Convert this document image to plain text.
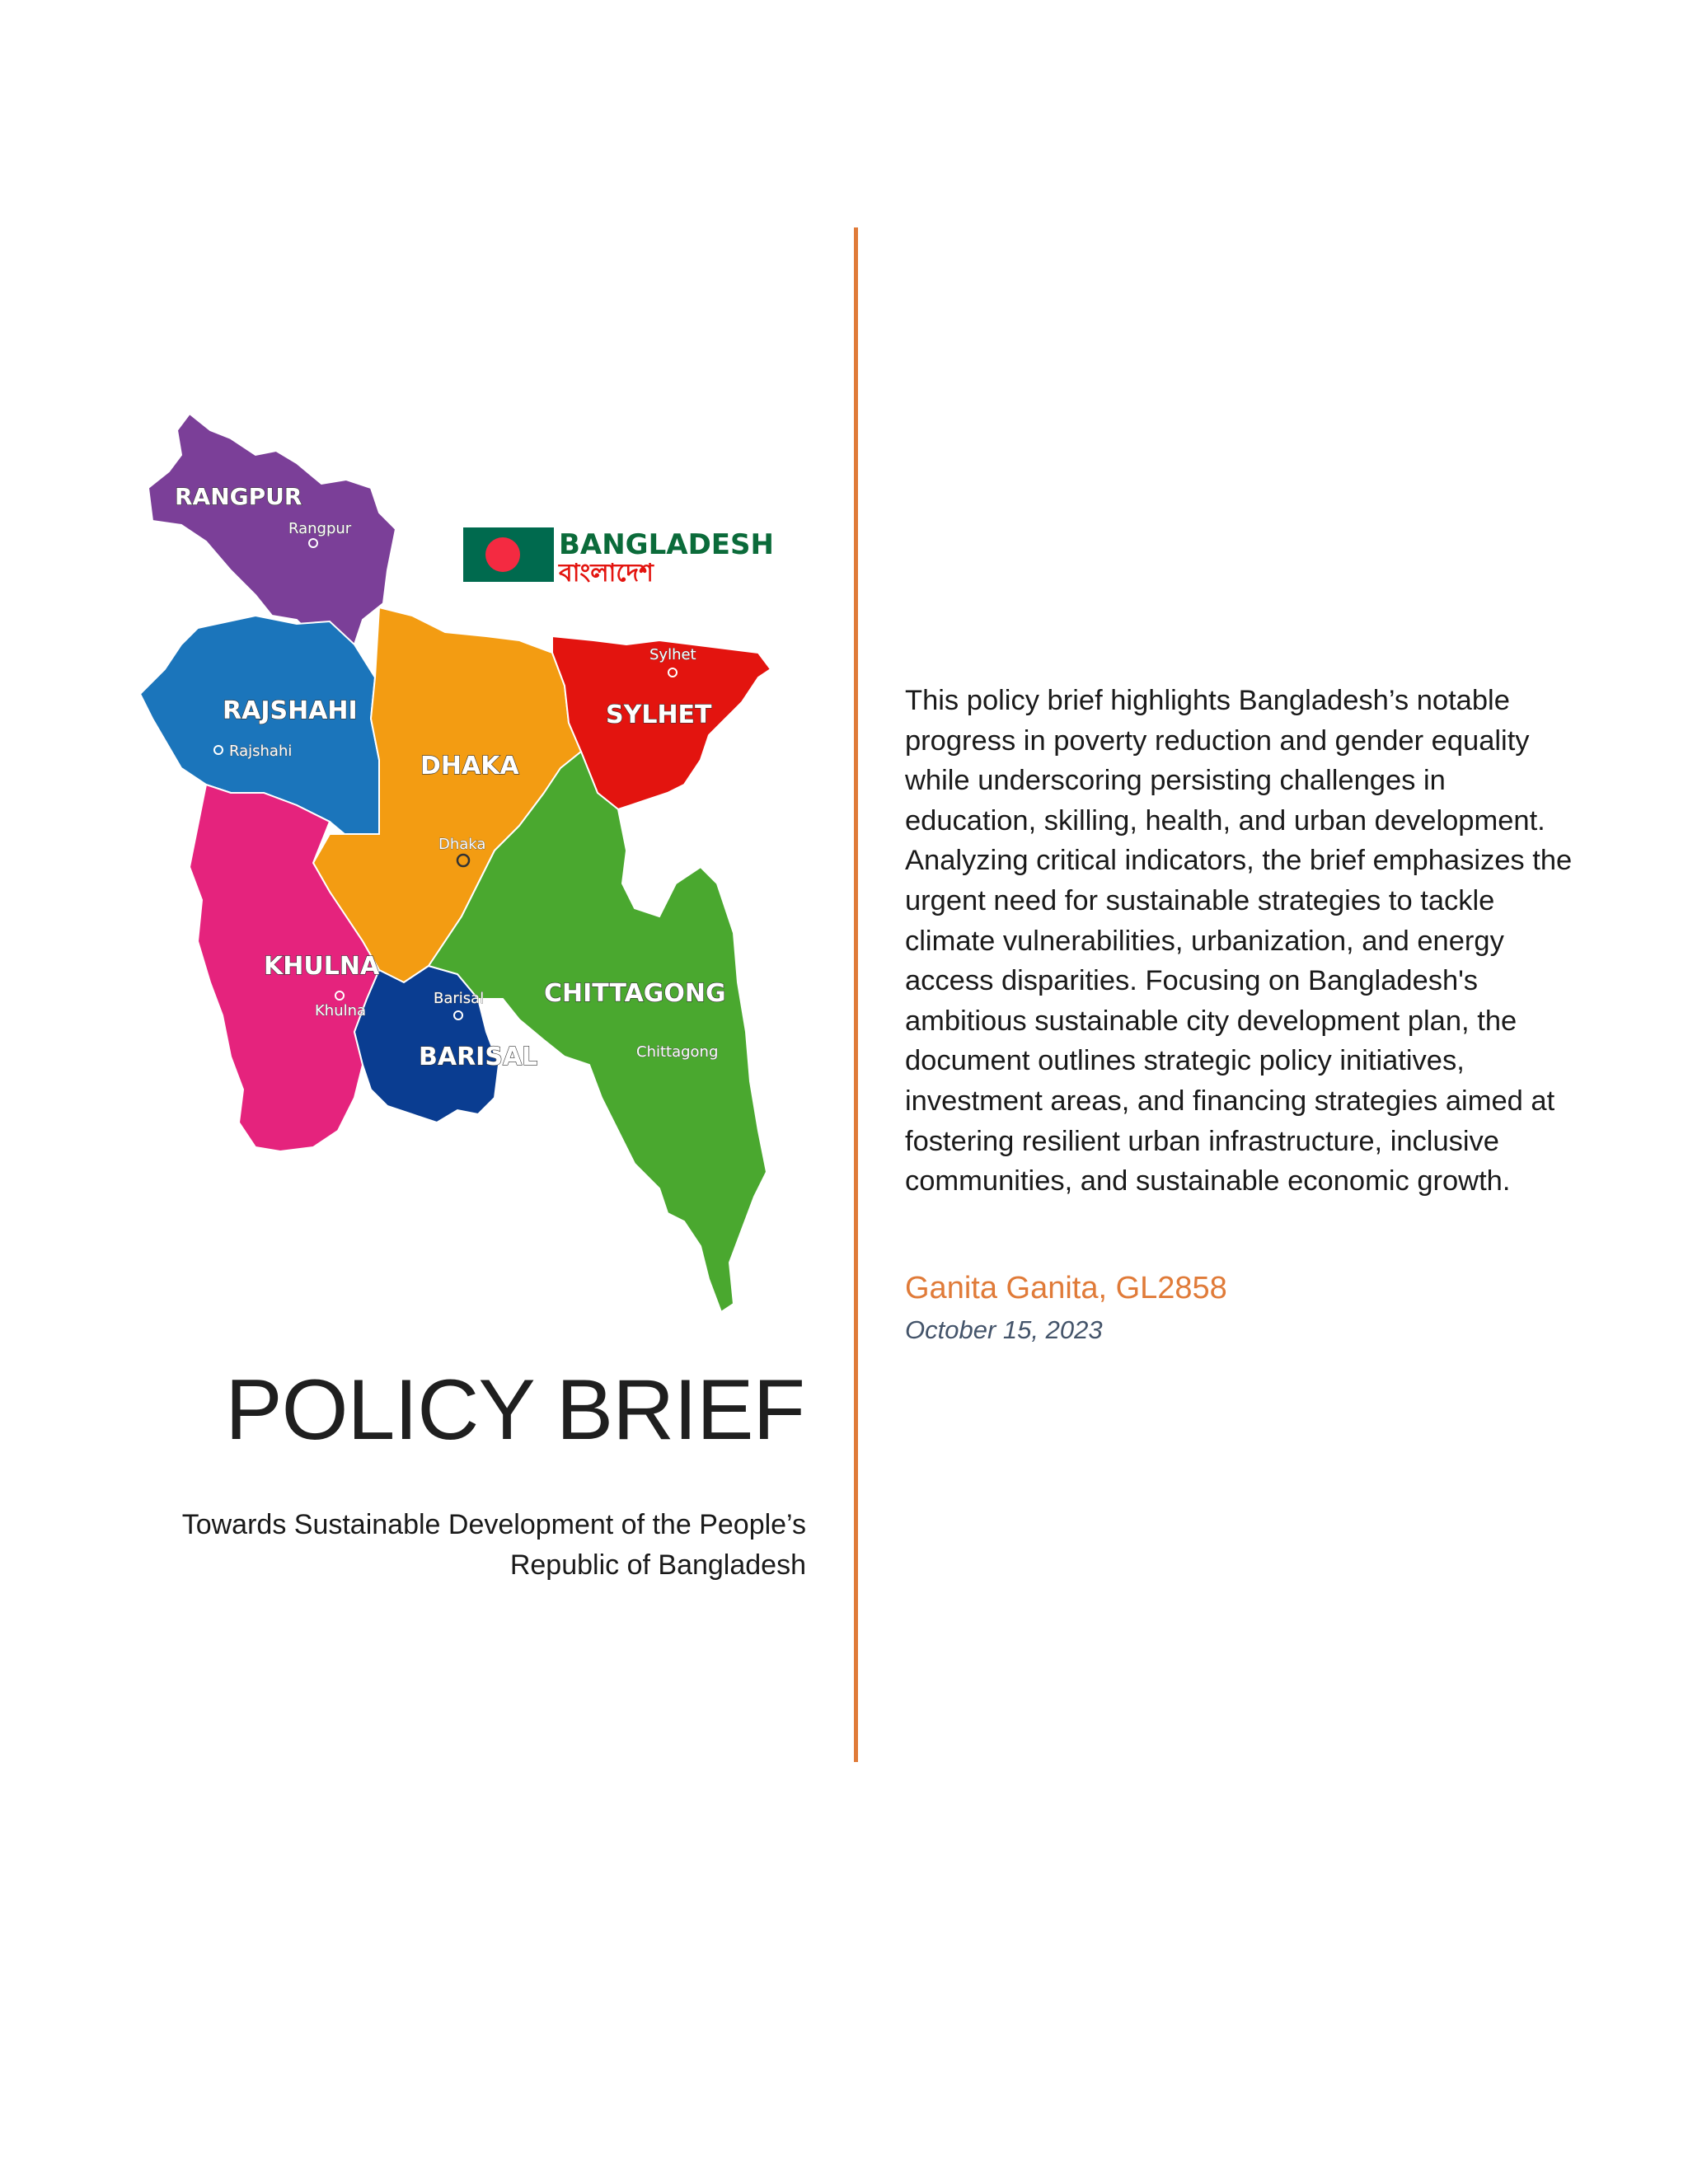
RANGPUR
Rangpur
RAJSHAHI
Rajshahi
DHAKA
Dhaka
SYLHET
Sylhet
KHULNA
Khulna
Barisal
BARISAL
CHITTAGONG
Chittagong
BANGLADESH
বাংলাদেশ
POLICY BRIEF

Towards Sustainable Development of the People’s Republic of Bangladesh

This policy brief highlights Bangladesh’s notable progress in poverty reduction and gender equality while underscoring persisting challenges in education, skilling, health, and urban development. Analyzing critical indicators, the brief emphasizes the urgent need for sustainable strategies to tackle climate vulnerabilities, urbanization, and energy access disparities. Focusing on Bangladesh's ambitious sustainable city development plan, the document outlines strategic policy initiatives, investment areas, and financing strategies aimed at fostering resilient urban infrastructure, inclusive communities, and sustainable economic growth.

Ganita Ganita, GL2858

October 15, 2023
